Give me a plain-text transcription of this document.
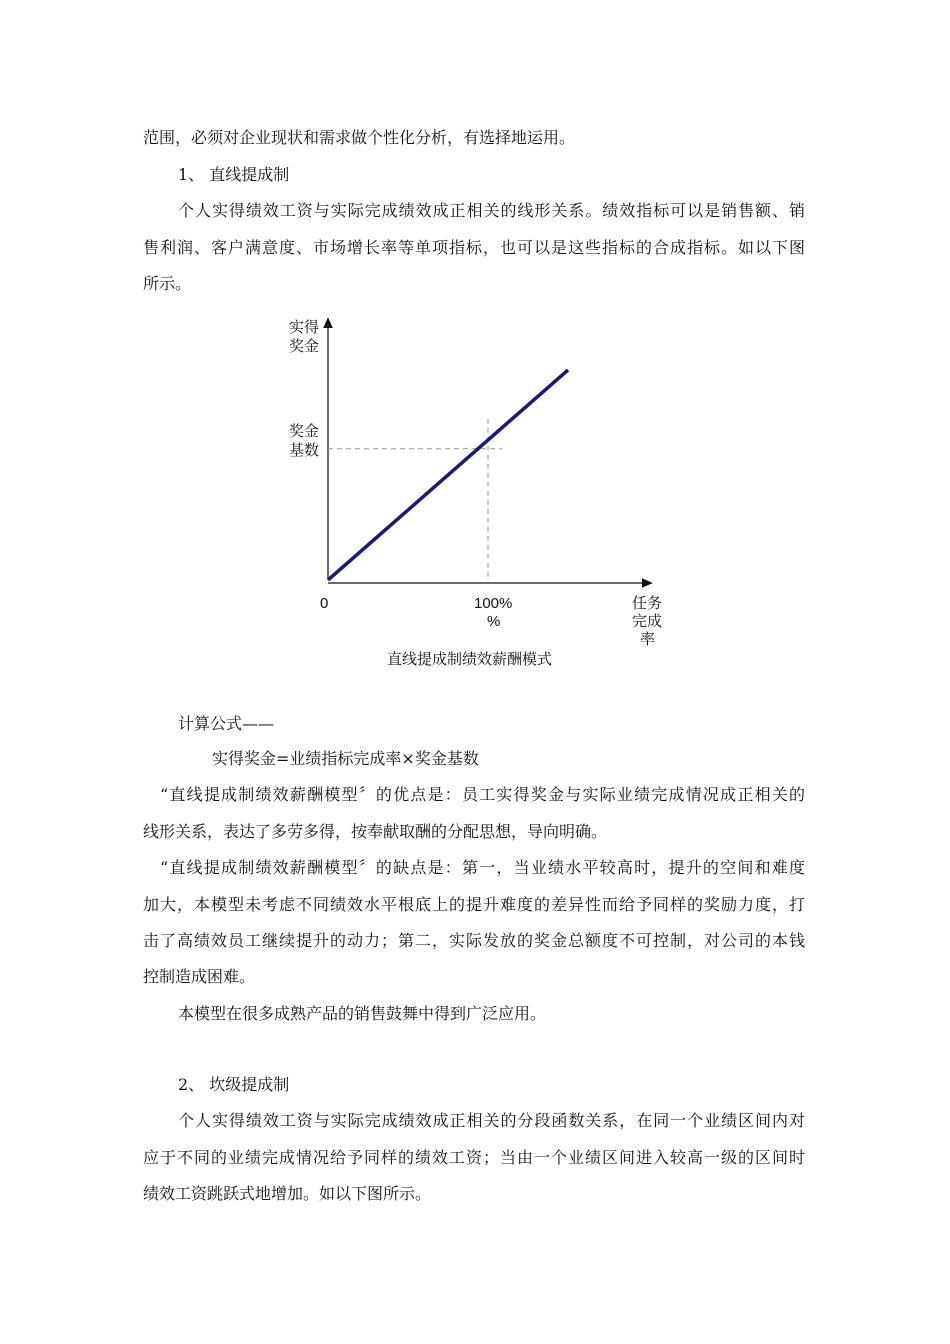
范围，必须对企业现状和需求做个性化分析，有选择地运用。
1、 直线提成制
个人实得绩效工资与实际完成绩效成正相关的线形关系。绩效指标可以是销售额、销
售利润、客户满意度、市场增长率等单项指标，也可以是这些指标的合成指标。如以下图
所示。
实得
奖金
奖金
基数
0	100%
%
任务
完成
率
直线提成制绩效薪酬模式
计算公式——
实得奖金=业绩指标完成率×奖金基数
“直线提成制绩效薪酬模型〞的优点是：员工实得奖金与实际业绩完成情况成正相关的
线形关系，表达了多劳多得，按奉献取酬的分配思想，导向明确。
“直线提成制绩效薪酬模型〞的缺点是：第一，当业绩水平较高时，提升的空间和难度
加大，本模型未考虑不同绩效水平根底上的提升难度的差异性而给予同样的奖励力度，打
击了高绩效员工继续提升的动力；第二，实际发放的奖金总额度不可控制，对公司的本钱
控制造成困难。
本模型在很多成熟产品的销售鼓舞中得到广泛应用。
2、 坎级提成制
个人实得绩效工资与实际完成绩效成正相关的分段函数关系，在同一个业绩区间内对
应于不同的业绩完成情况给予同样的绩效工资；当由一个业绩区间进入较高一级的区间时
绩效工资跳跃式地增加。如以下图所示。
